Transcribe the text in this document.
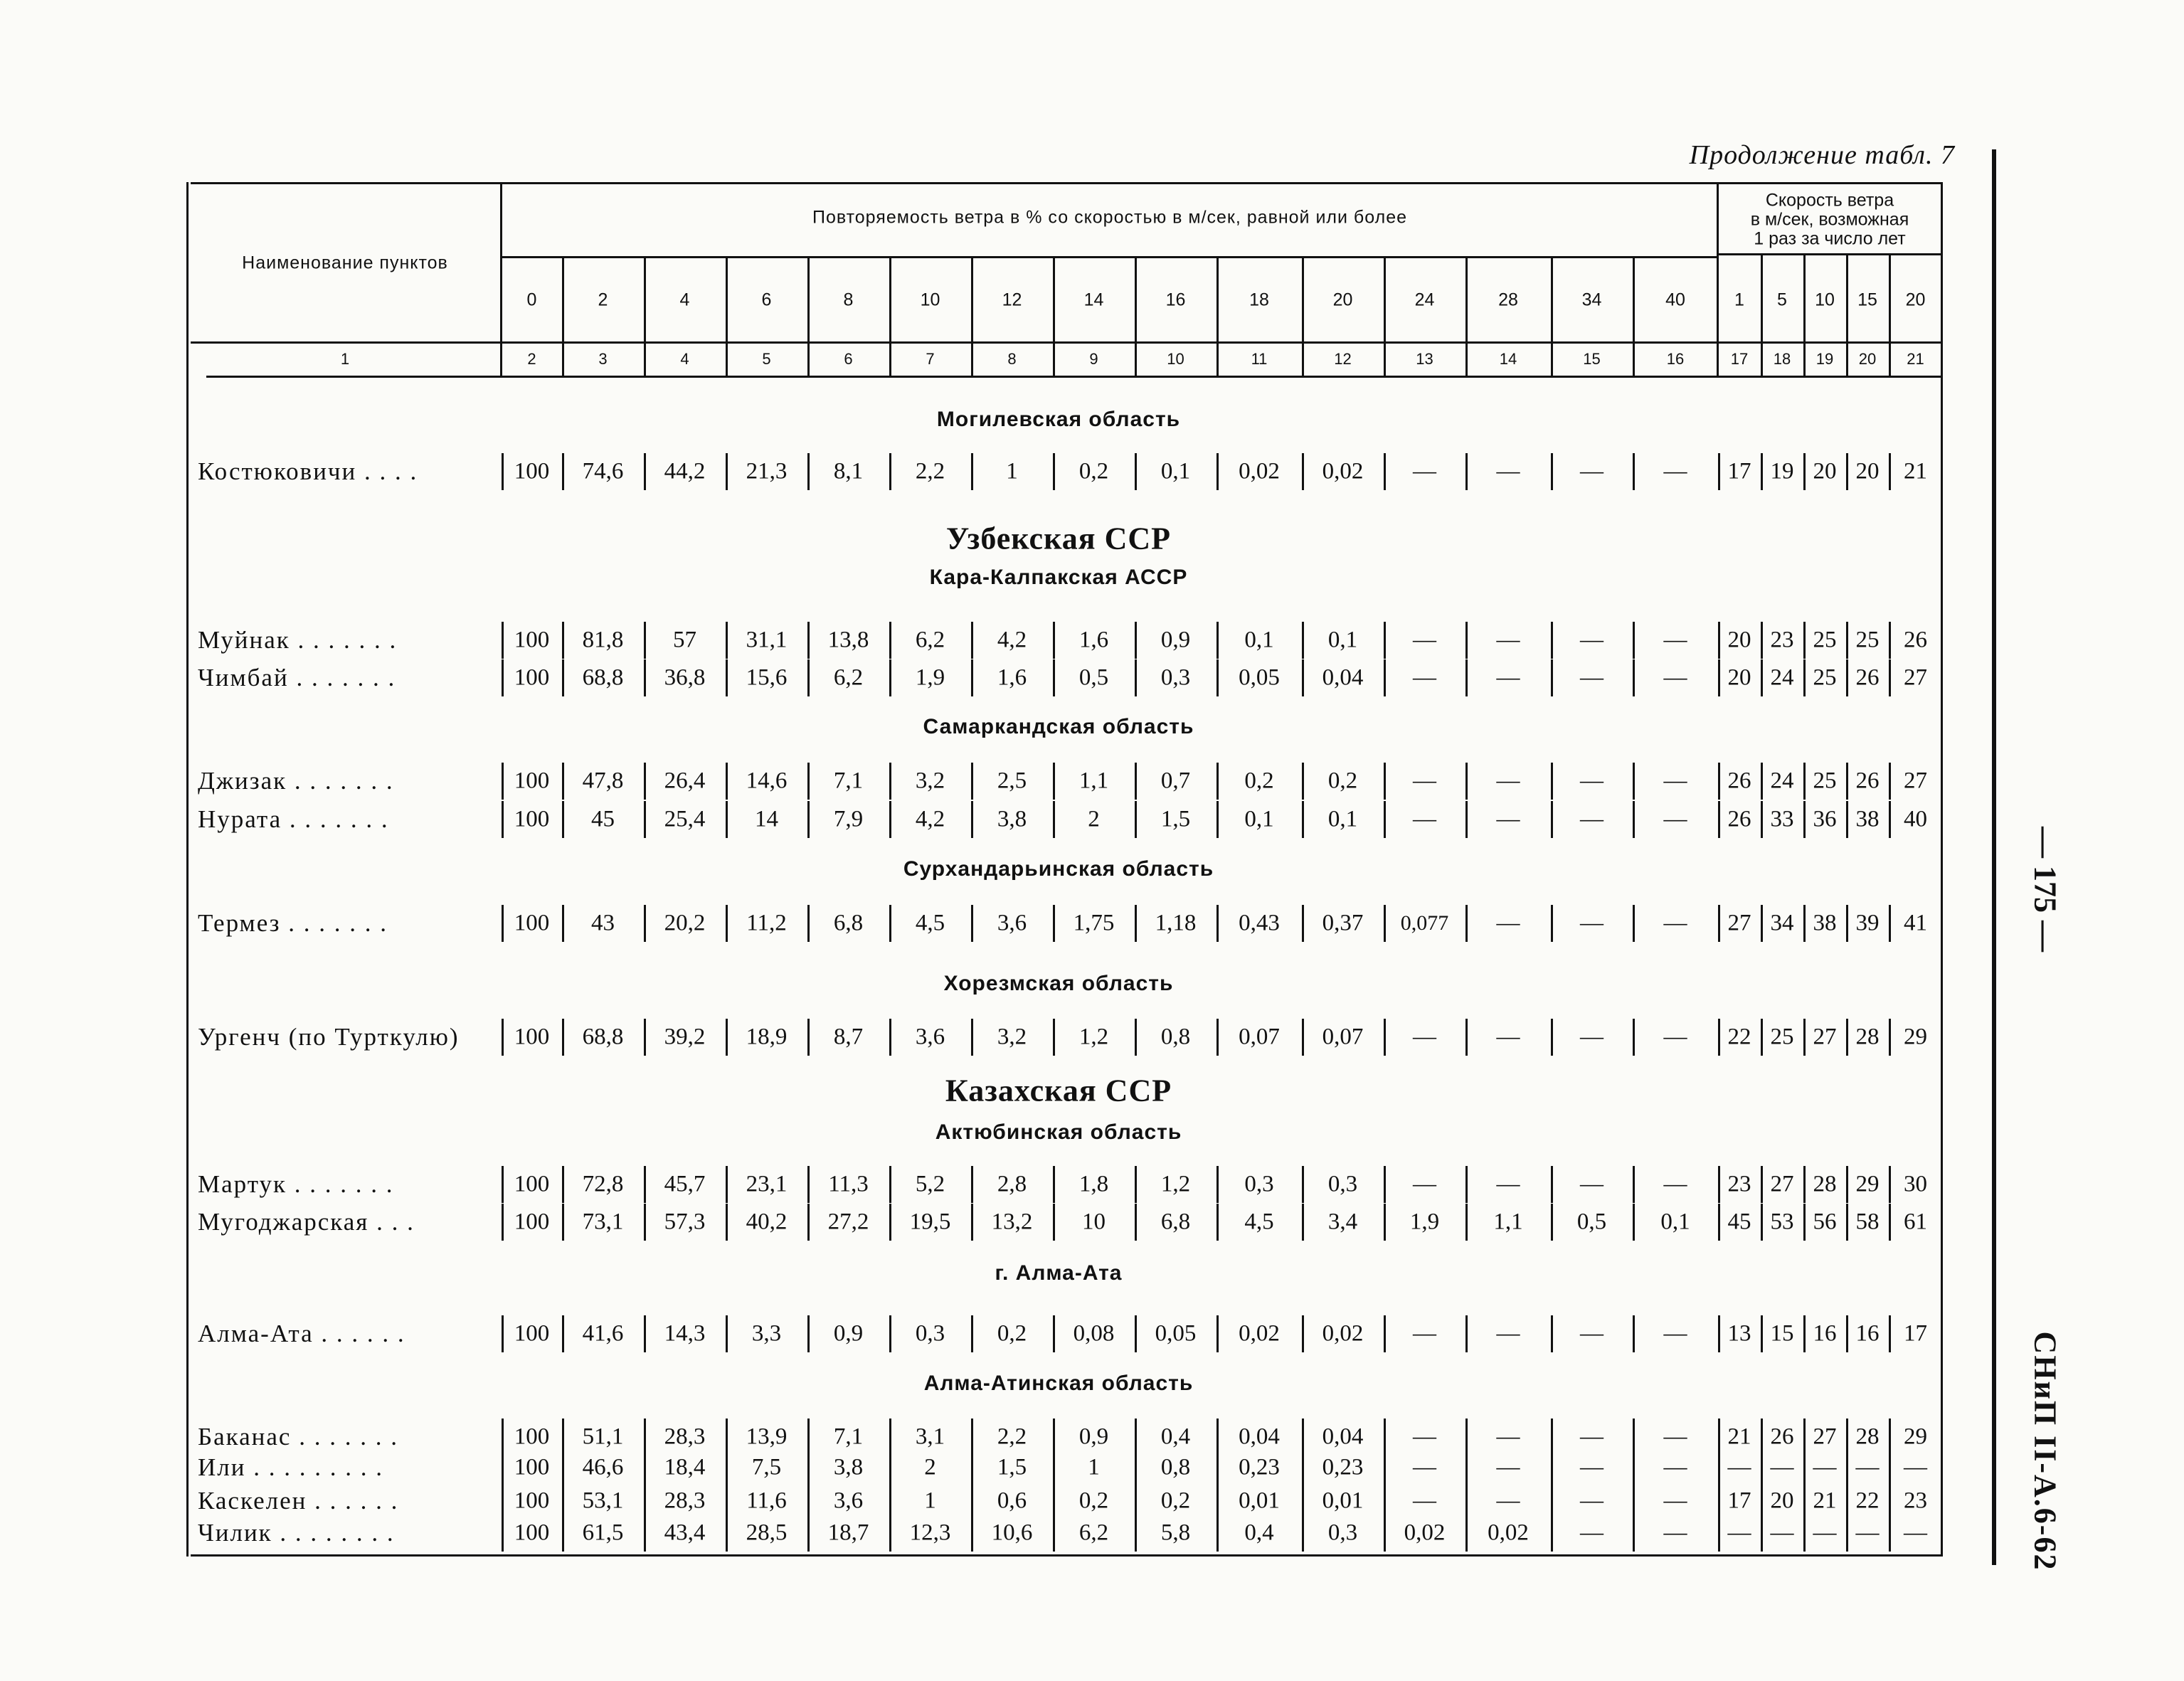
Продолжение табл. 7
— 175 —
СНиП II-А.6-62
Наименование пунктов
Повторяемость ветра в % со скоростью в м/сек, равной или более
Скорость ветра
в м/сек, возможная
1 раз за число лет
0	2	4	6	8	10	12	14	16	18	20	24	28	34	40	1 5 10 15 20
1	2	3	4	5	6	7	8	9	10	11	12	13	14	15	16	17 18 19 20 21
Могилевская область
Костюковичи . . . .	100 74,6 44,2 21,3 8,1 2,2	1	0,2 0,1 0,02 0,02 —	—	—	— 17 19 20 20 21
Узбекская ССР
Кара-Калпакская АССР
Муйнак . . . . . . .	100 81,8 57 31,1 13,8 6,2 4,2 1,6 0,9 0,1 0,1 —	—	—	— 20 23 25 25 26
Чимбай . . . . . . .	100 68,8 36,8 15,6 6,2 1,9 1,6 0,5 0,3 0,05 0,04 —	—	—	— 20 24 25 26 27
Самаркандская область
Джизак . . . . . . .	100 47,8 26,4 14,6 7,1 3,2 2,5 1,1 0,7 0,2 0,2 —	—	—	— 26 24 25 26 27
Нурата . . . . . . .	100 45 25,4 14 7,9 4,2 3,8	2	1,5 0,1 0,1 —	—	—	— 26 33 36 38 40
Сурхандарьинская область
Термез . . . . . . .	100 43 20,2 11,2 6,8 4,5 3,6 1,75 1,18 0,43 0,37 0,077 —	—	— 27 34 38 39 41
Хорезмская область
Ургенч (по Турткулю) 100 68,8 39,2 18,9 8,7 3,6 3,2 1,2 0,8 0,07 0,07 —	—	—	— 22 25 27 28 29
Казахская ССР
Актюбинская область
Мартук . . . . . . .	100 72,8 45,7 23,1 11,3 5,2 2,8 1,8 1,2 0,3 0,3 —	—	—	— 23 27 28 29 30
Мугоджарская . . .	100 73,1 57,3 40,2 27,2 19,5 13,2 10 6,8 4,5 3,4 1,9 1,1 0,5 0,1 45 53 56 58 61
г. Алма-Ата
Алма-Ата . . . . . .	100 41,6 14,3 3,3 0,9 0,3 0,2 0,08 0,05 0,02 0,02 —	—	—	— 13 15 16 16 17
Алма-Атинская область
Баканас . . . . . . .	100 51,1 28,3 13,9 7,1 3,1 2,2 0,9 0,4 0,04 0,04 —	—	—	— 21 26 27 28 29
Или . . . . . . . . .	100 46,6 18,4 7,5 3,8	2	1,5	1	0,8 0,23 0,23 —	—	—	— — — — — —
Каскелен . . . . . .	100 53,1 28,3 11,6 3,6	1	0,6 0,2 0,2 0,01 0,01 —	—	—	— 17 20 21 22 23
Чилик . . . . . . . .	100 61,5 43,4 28,5 18,7 12,3 10,6 6,2 5,8 0,4 0,3 0,02 0,02 —	— — — — — —
